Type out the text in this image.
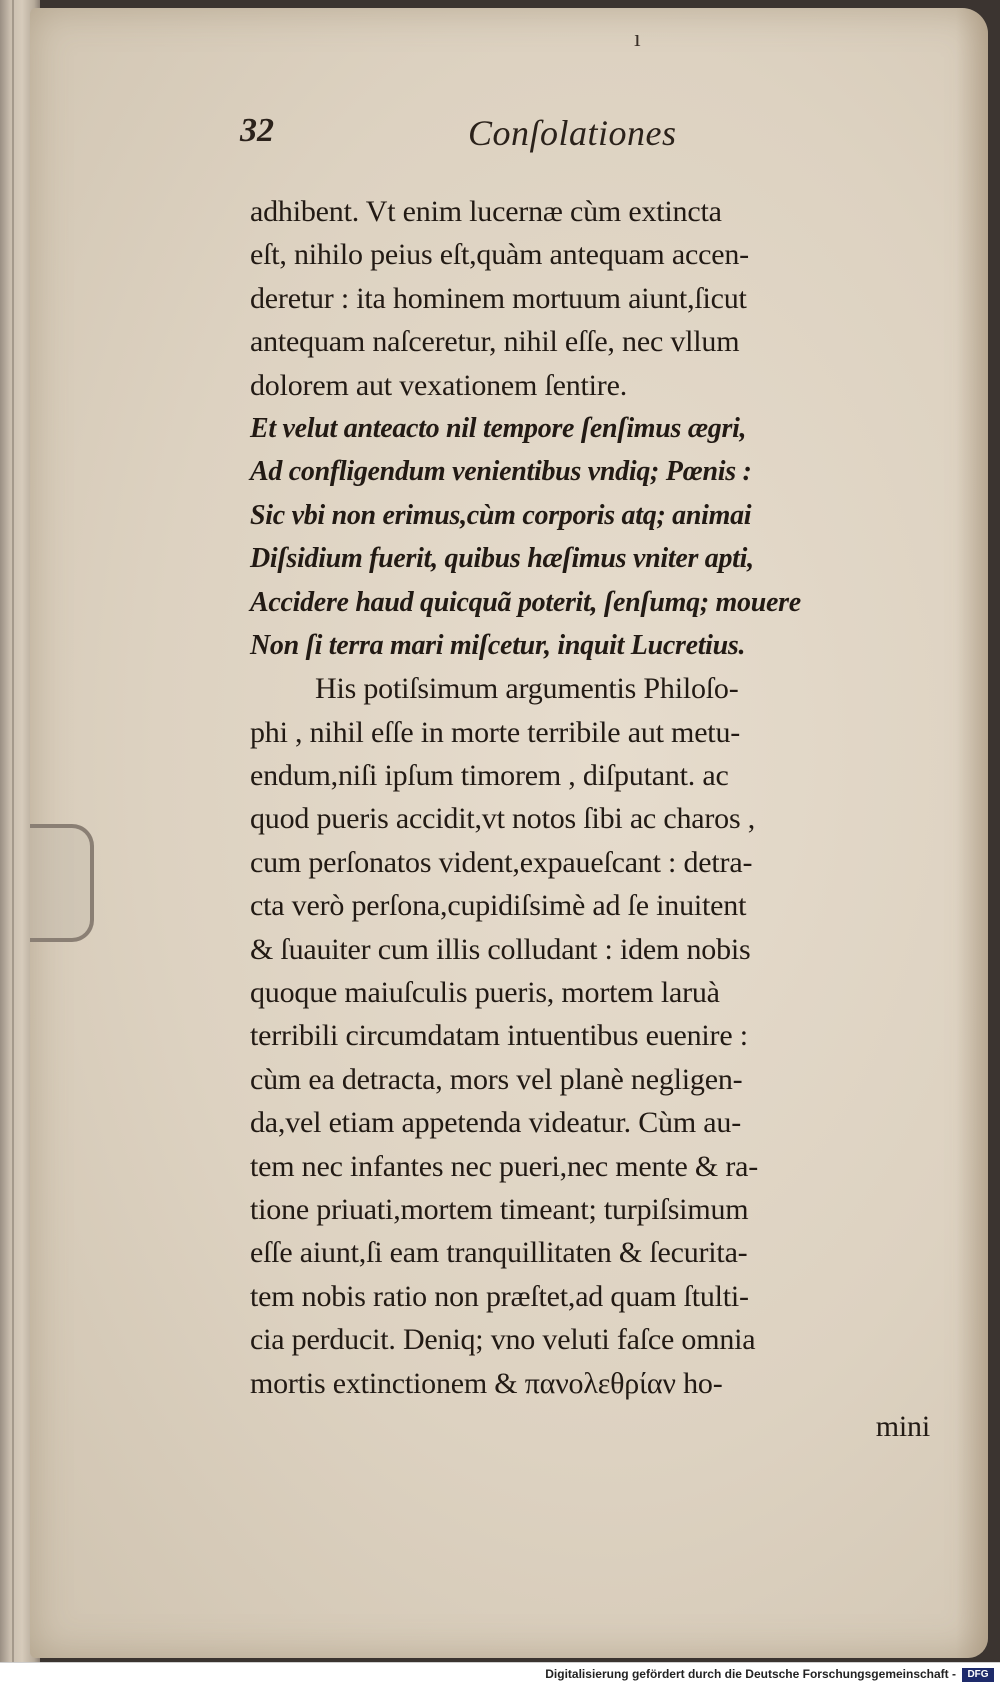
ı
32	Conſolationes
adhibent. Vt enim lucernæ cùm extincta
eſt, nihilo peius eſt,quàm antequam accen-
deretur : ita hominem mortuum aiunt,ſicut
antequam naſceretur, nihil eſſe, nec vllum
dolorem aut vexationem ſentire.
Et velut anteacto nil tempore ſenſimus ægri,
Ad confligendum venientibus vndiq; Pœnis :
Sic vbi non erimus,cùm corporis atq; animai
Diſsidium fuerit, quibus hæſimus vniter apti,
Accidere haud quicquã poterit, ſenſumq; mouere
Non ſi terra mari miſcetur, inquit Lucretius.
His potiſsimum argumentis Philoſo-
phi , nihil eſſe in morte terribile aut metu-
endum,niſi ipſum timorem , diſputant. ac
quod pueris accidit,vt notos ſibi ac charos ,
cum perſonatos vident,expaueſcant : detra-
cta verò perſona,cupidiſsimè ad ſe inuitent
& ſuauiter cum illis colludant : idem nobis
quoque maiuſculis pueris, mortem laruà
terribili circumdatam intuentibus euenire :
cùm ea detracta, mors vel planè negligen-
da,vel etiam appetenda videatur. Cùm au-
tem nec infantes nec pueri,nec mente & ra-
tione priuati,mortem timeant; turpiſsimum
eſſe aiunt,ſi eam tranquillitaten & ſecurita-
tem nobis ratio non præſtet,ad quam ſtulti-
cia perducit. Deniq; vno veluti faſce omnia
mortis extinctionem & πανολεθρίαν ho-
mini
Digitalisierung gefördert durch die Deutsche Forschungsgemeinschaft -	DFG
